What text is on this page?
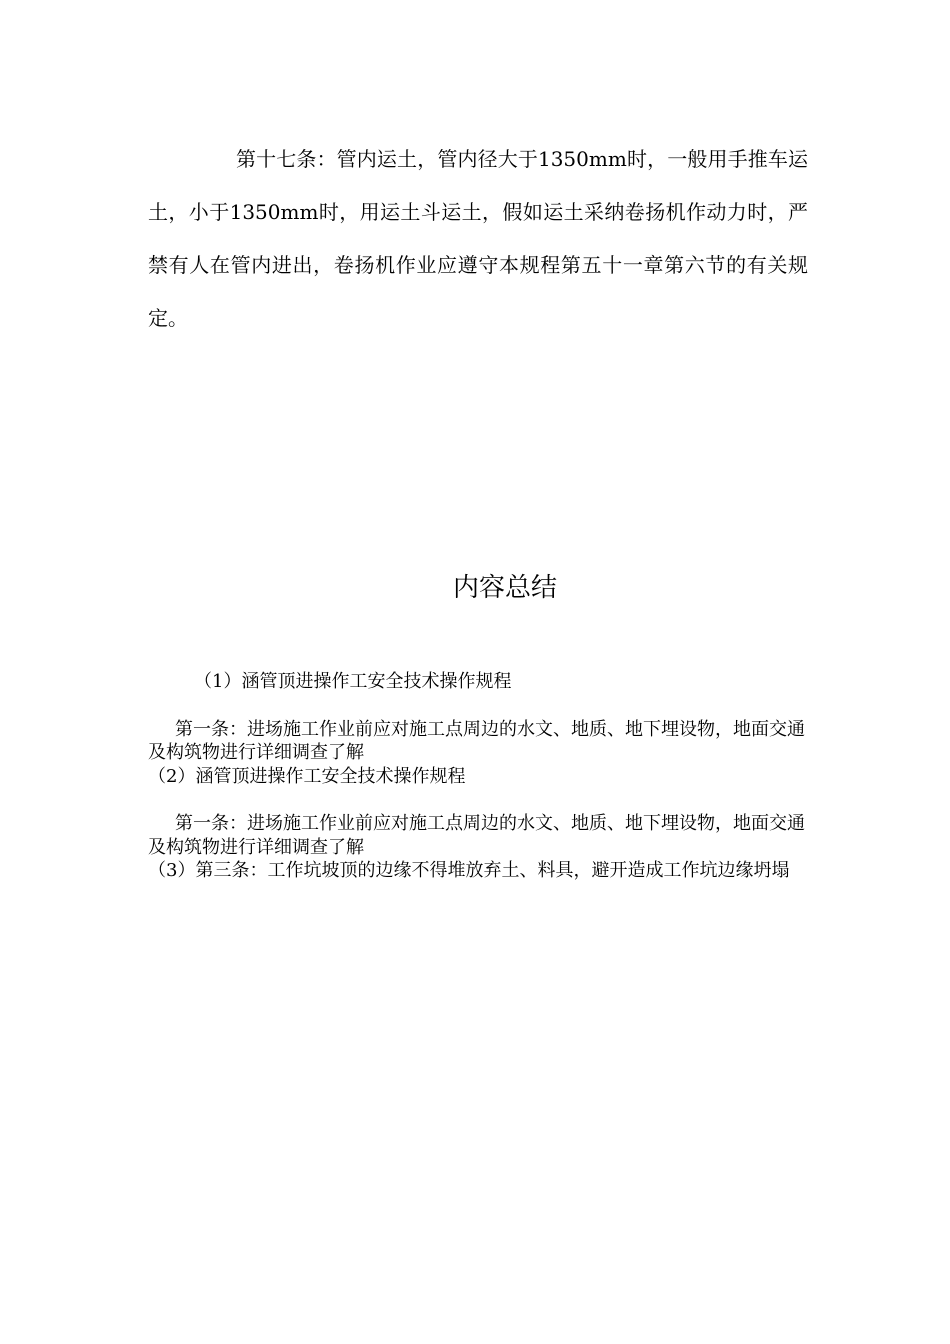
第十七条：管内运土，管内径大于1350mm时，一般用手推车运土，小于1350mm时，用运土斗运土，假如运土采纳卷扬机作动力时，严禁有人在管内进出，卷扬机作业应遵守本规程第五十一章第六节的有关规定。

内容总结

（1）涵管顶进操作工安全技术操作规程

第一条：进场施工作业前应对施工点周边的水文、地质、地下埋设物，地面交通及构筑物进行详细调查了解

（2）涵管顶进操作工安全技术操作规程

第一条：进场施工作业前应对施工点周边的水文、地质、地下埋设物，地面交通及构筑物进行详细调查了解

（3）第三条：工作坑坡顶的边缘不得堆放弃土、料具，避开造成工作坑边缘坍塌
